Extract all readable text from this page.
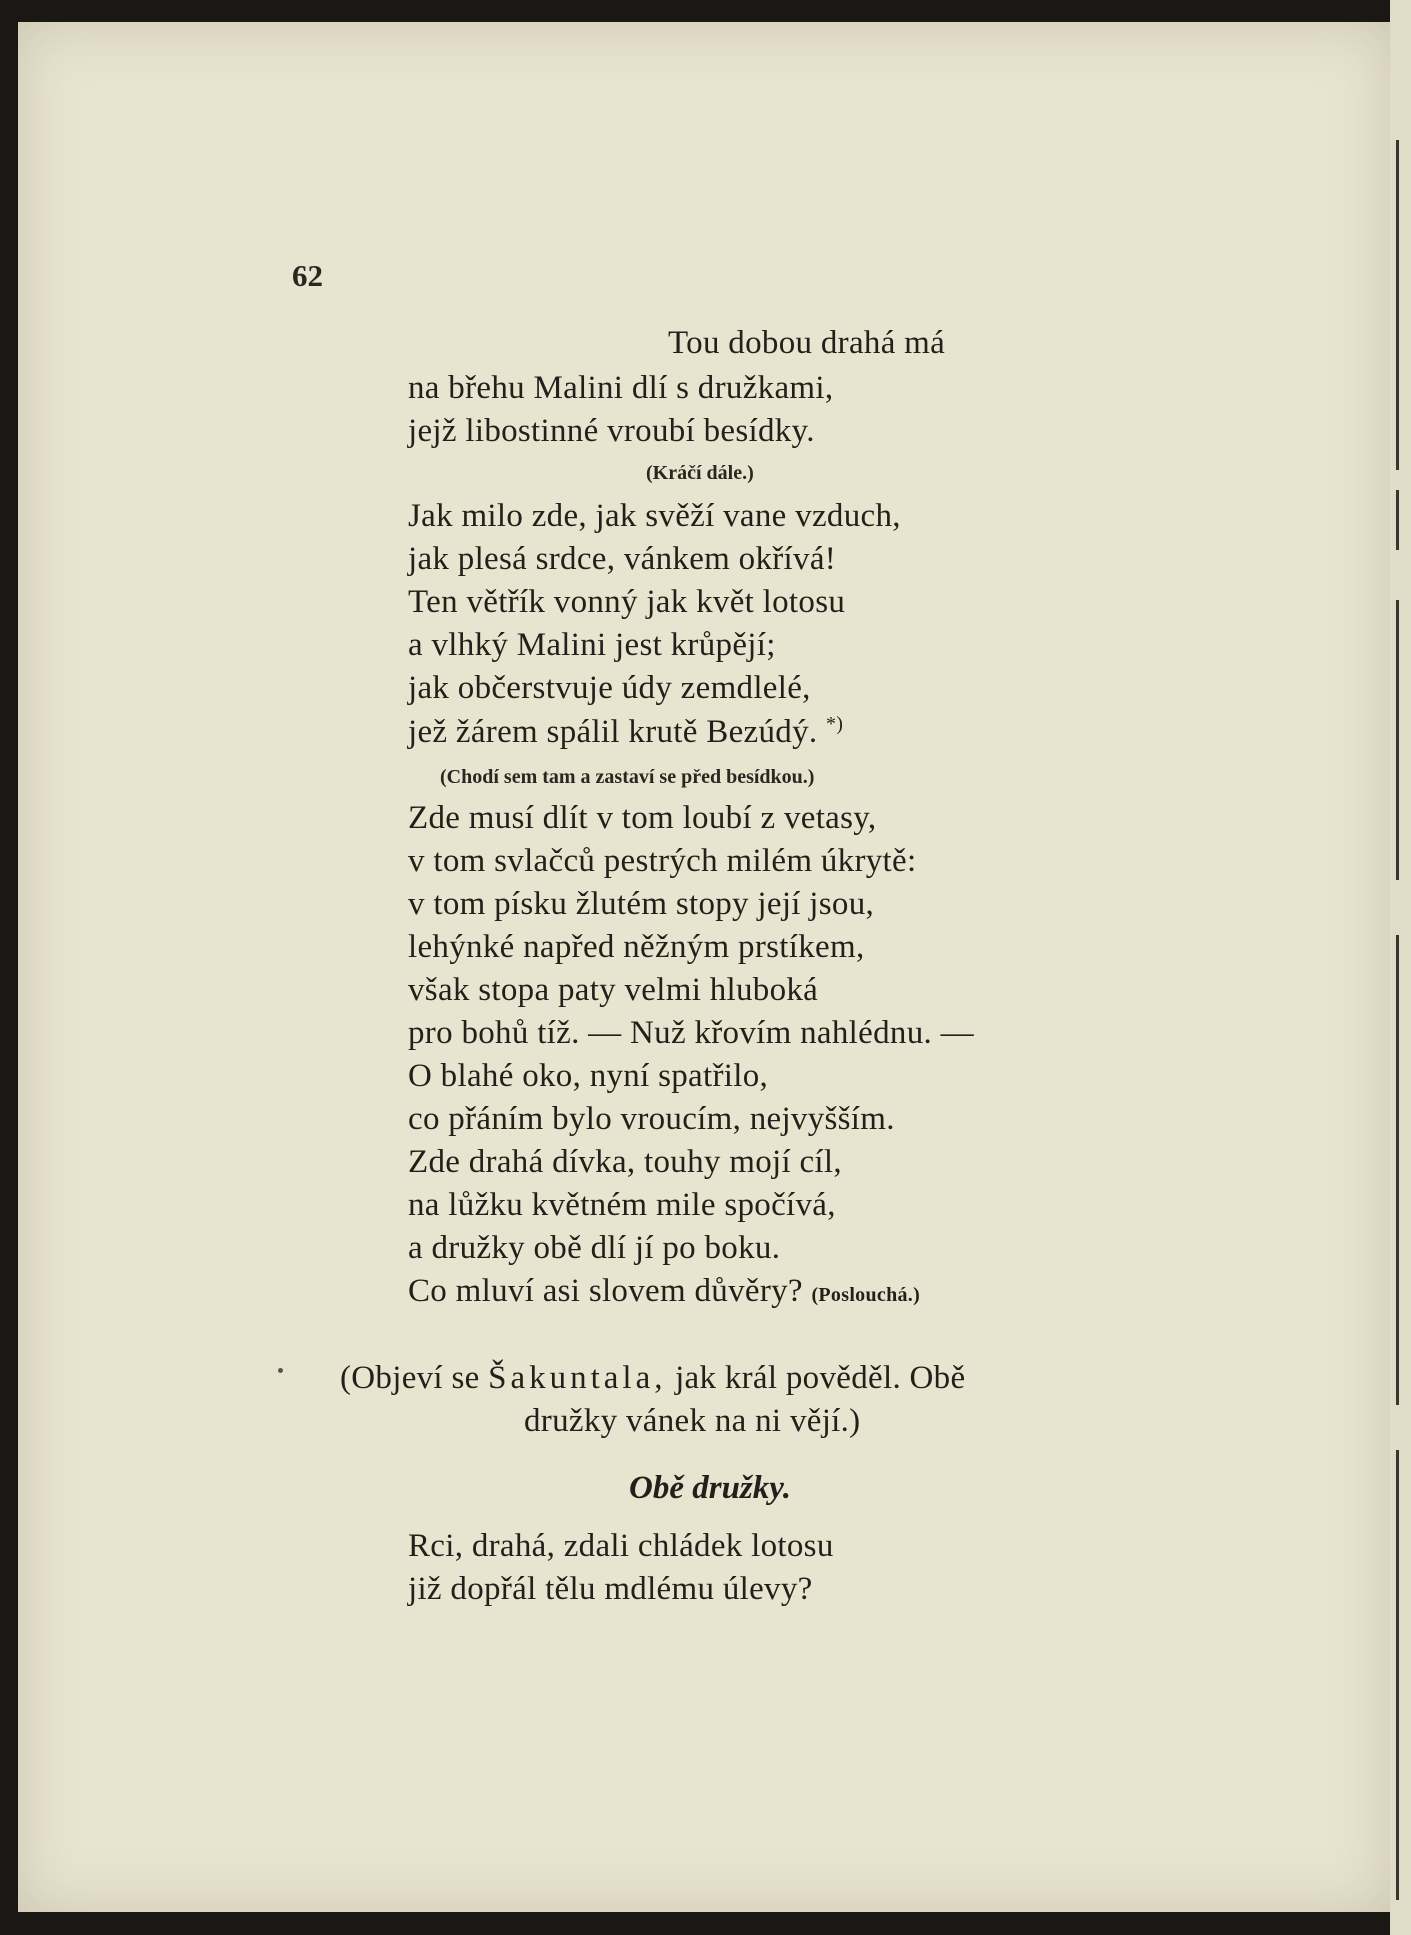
62
Tou dobou drahá má
na břehu Malini dlí s družkami,
jejž libostinné vroubí besídky.
(Kráčí dále.)
Jak milo zde, jak svěží vane vzduch,
jak plesá srdce, vánkem okřívá!
Ten větřík vonný jak květ lotosu
a vlhký Malini jest krůpějí;
jak občerstvuje údy zemdlelé,
jež žárem spálil krutě Bezúdý. *)
(Chodí sem tam a zastaví se před besídkou.)
Zde musí dlít v tom loubí z vetasy,
v tom svlačců pestrých milém úkrytě:
v tom písku žlutém stopy její jsou,
lehýnké napřed něžným prstíkem,
však stopa paty velmi hluboká
pro bohů tíž. — Nuž křovím nahlédnu. —
O blahé oko, nyní spatřilo,
co přáním bylo vroucím, nejvyšším.
Zde drahá dívka, touhy mojí cíl,
na lůžku květném mile spočívá,
a družky obě dlí jí po boku.
Co mluví asi slovem důvěry? (Poslouchá.)
(Objeví se Šakuntala, jak král pověděl. Obě
družky vánek na ni vějí.)
Obě družky.
Rci, drahá, zdali chládek lotosu
již dopřál tělu mdlému úlevy?
